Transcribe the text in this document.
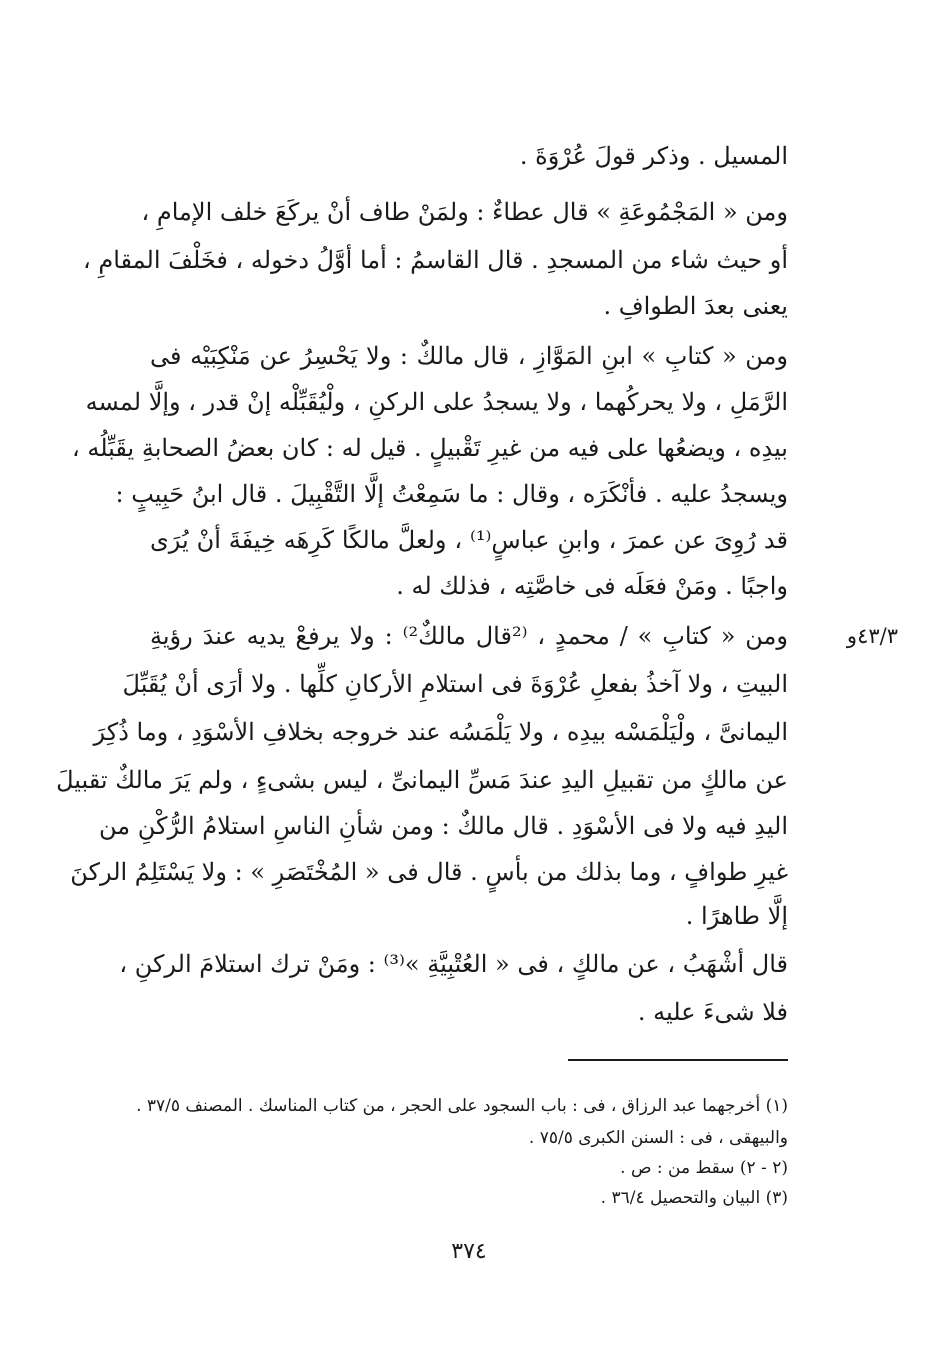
المسيل . وذكر قولَ عُرْوَةَ .
ومن « المَجْمُوعَةِ » قال عطاءٌ : ولمَنْ طاف أنْ يركَعَ خلف الإمامِ ،
أو حيث شاء من المسجدِ . قال القاسمُ : أما أوَّلُ دخوله ، فخَلْفَ المقامِ ،
يعنى بعدَ الطوافِ .
ومن « كتابِ » ابنِ المَوَّازِ ، قال مالكٌ : ولا يَحْسِرُ عن مَنْكِبَيْه فى
الرَّمَلِ ، ولا يحركُهما ، ولا يسجدُ على الركنِ ، ولْيُقَبِّلْه إنْ قدر ، وإلَّا لمسه
بيدِه ، ويضعُها على فيه من غيرِ تَقْبيلٍ . قيل له : كان بعضُ الصحابةِ يقَبِّلُه ،
ويسجدُ عليه . فأنْكَرَه ، وقال : ما سَمِعْتُ إلَّا التَّقْبِيلَ . قال ابنُ حَبِيبٍ :
قد رُوِىَ عن عمرَ ، وابنِ عباسٍ⁽¹⁾ ، ولعلَّ مالكًا كَرِهَه خِيفَةَ أنْ يُرَى
واجبًا . ومَنْ فعَلَه فى خاصَّتِه ، فذلك له .
٤٣/٣و
ومن « كتابِ » / محمدٍ ، ⁽²قال مالكٌ²⁾ : ولا يرفعْ يديه عندَ رؤيةِ
البيتِ ، ولا آخذُ بفعلِ عُرْوَةَ فى استلامِ الأركانِ كلِّها . ولا أرَى أنْ يُقَبِّلَ
اليمانىَّ ، ولْيَلْمَسْه بيدِه ، ولا يَلْمَسُه عند خروجه بخلافِ الأسْوَدِ ، وما ذُكِرَ
عن مالكٍ من تقبيلِ اليدِ عندَ مَسِّ اليمانىِّ ، ليس بشىءٍ ، ولم يَرَ مالكٌ تقبيلَ
اليدِ فيه ولا فى الأسْوَدِ . قال مالكٌ : ومن شأنِ الناسِ استلامُ الرُّكْنِ من
غيرِ طوافٍ ، وما بذلك من بأسٍ . قال فى « المُخْتَصَرِ » : ولا يَسْتَلِمُ الركنَ
إلَّا طاهرًا .
قال أشْهَبُ ، عن مالكٍ ، فى « العُتْبِيَّةِ »⁽³⁾ : ومَنْ ترك استلامَ الركنِ ،
فلا شىءَ عليه .
(١) أخرجهما عبد الرزاق ، فى : باب السجود على الحجر ، من كتاب المناسك . المصنف ٣٧/٥ .
والبيهقى ، فى : السنن الكبرى ٧٥/٥ .
(٢ - ٢) سقط من : ص .
(٣) البيان والتحصيل ٣٦/٤ .
٣٧٤
